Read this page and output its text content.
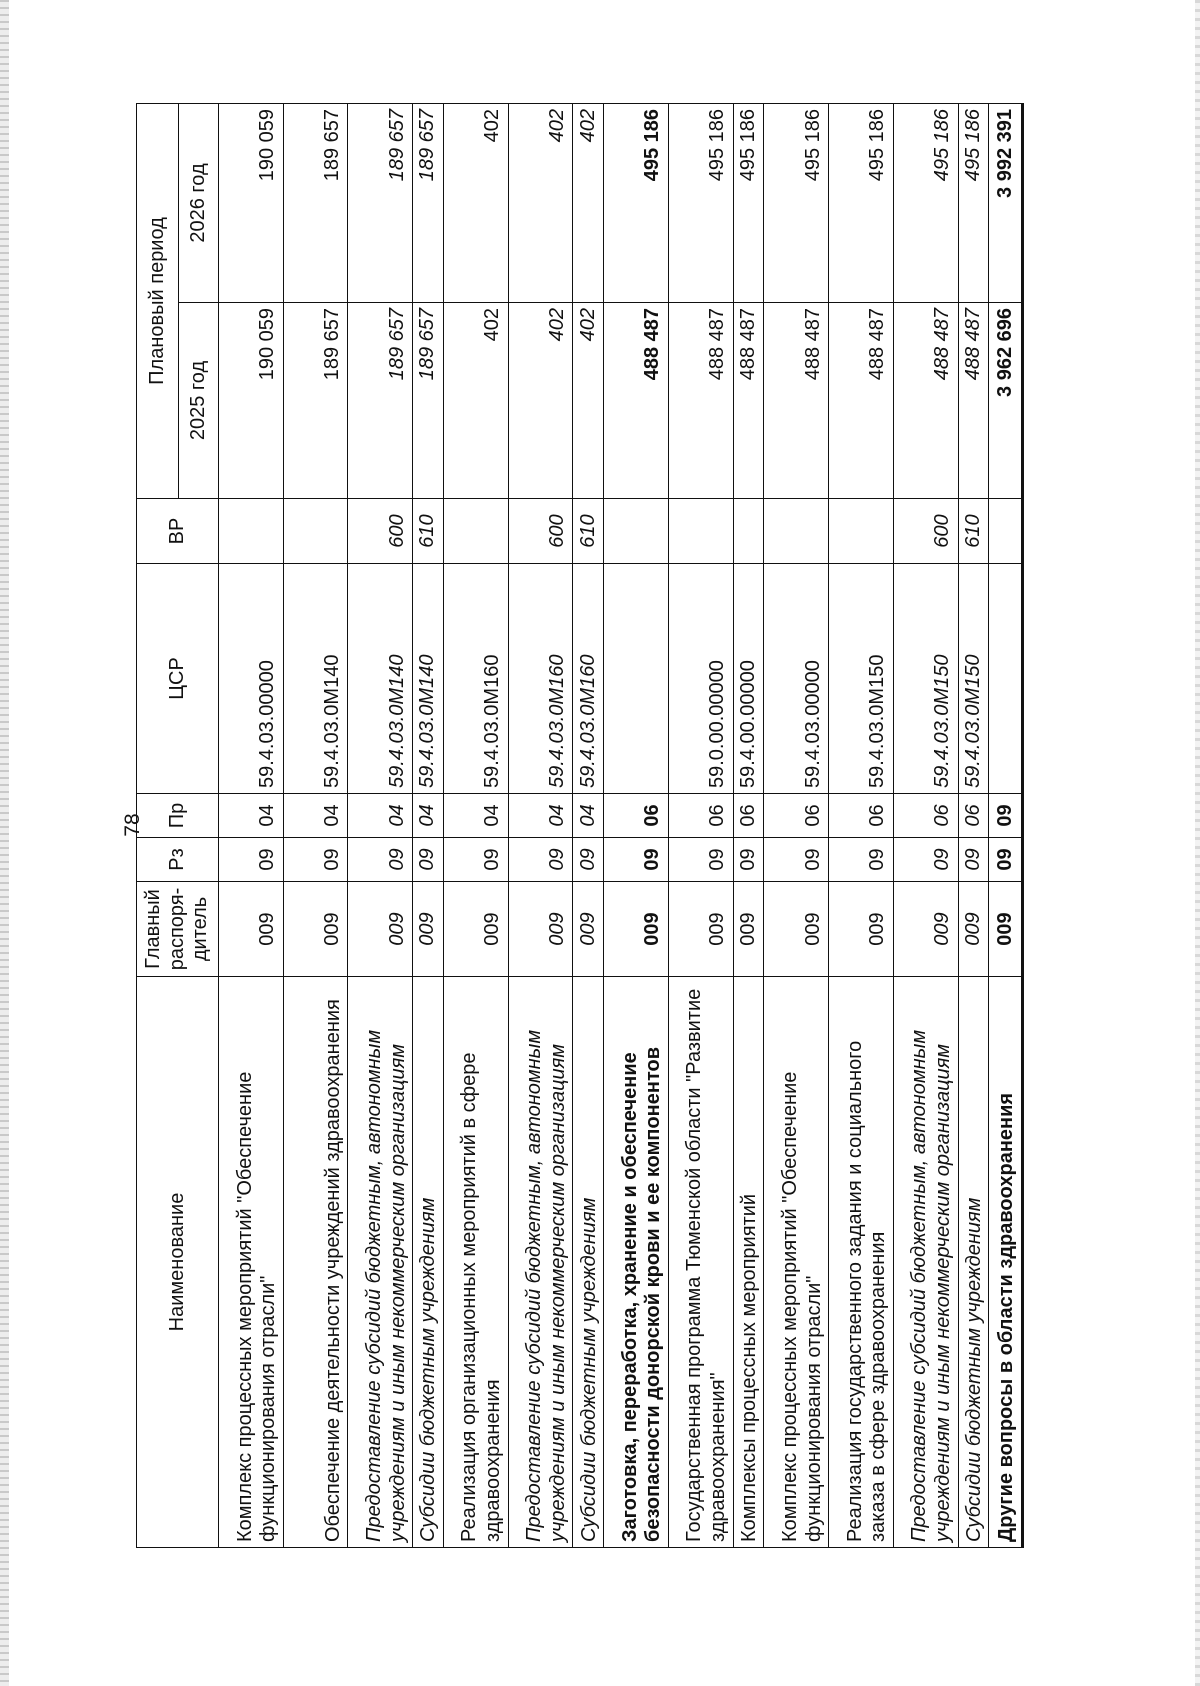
78
Наименование	Главный распоря-дитель	Рз	Пр	ЦСР	ВР	Плановый период	
						2025 год	2026 год
Комплекс процессных мероприятий "Обеспечение функционирования отрасли"	009	09	04	59.4.03.00000		190 059	190 059
Обеспечение деятельности учреждений здравоохранения	009	09	04	59.4.03.0М140		189 657	189 657
Предоставление субсидий бюджетным, автономным учреждениям и иным некоммерческим организациям	009	09	04	59.4.03.0М140	600	189 657	189 657
Субсидии бюджетным учреждениям	009	09	04	59.4.03.0М140	610	189 657	189 657
Реализация организационных мероприятий в сфере здравоохранения	009	09	04	59.4.03.0М160		402	402
Предоставление субсидий бюджетным, автономным учреждениям и иным некоммерческим организациям	009	09	04	59.4.03.0М160	600	402	402
Субсидии бюджетным учреждениям	009	09	04	59.4.03.0М160	610	402	402
Заготовка, переработка, хранение и обеспечение безопасности донорской крови и ее компонентов	009	09	06			488 487	495 186
Государственная программа Тюменской области "Развитие здравоохранения"	009	09	06	59.0.00.00000		488 487	495 186
Комплексы процессных мероприятий	009	09	06	59.4.00.00000		488 487	495 186
Комплекс процессных мероприятий "Обеспечение функционирования отрасли"	009	09	06	59.4.03.00000		488 487	495 186
Реализация государственного задания и социального заказа в сфере здравоохранения	009	09	06	59.4.03.0М150		488 487	495 186
Предоставление субсидий бюджетным, автономным учреждениям и иным некоммерческим организациям	009	09	06	59.4.03.0М150	600	488 487	495 186
Субсидии бюджетным учреждениям	009	09	06	59.4.03.0М150	610	488 487	495 186
Другие вопросы в области здравоохранения	009	09	09			3 962 696	3 992 391
